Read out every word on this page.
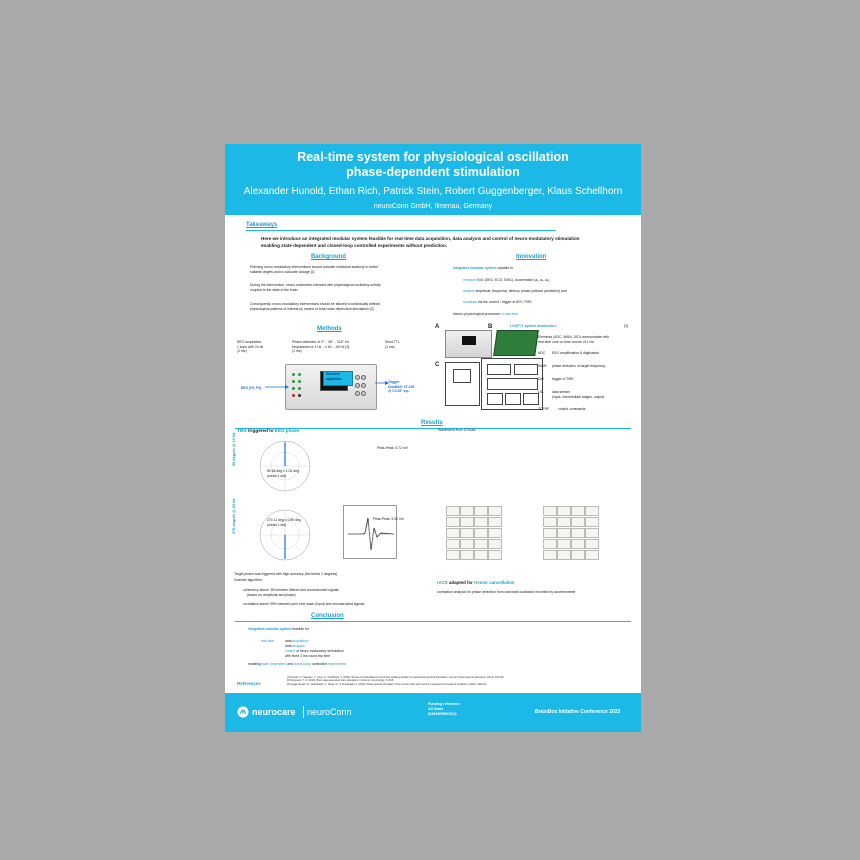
Real-time system for physiological oscillation
phase-dependent stimulation
Alexander Hunold, Ethan Rich, Patrick Stein, Robert Guggenberger, Klaus Schellhorn
neuroConn GmbH, Ilmenau, Germany
Takeaways
Here we introduce an integrated modular system feasible for real-time data acquisition, data analysis and control of neuro-modulatory stimulation
enabling state dependent and closed-loop controlled experiments without prediction.
Background
Planning neuro-modulatory interventions should consider individual anatomy to select
suitable targets and to calculate dosage [1]
During the intervention, neuro-modulation interacts with physiological oscillatory activity
coupled to the state of the brain
Consequently, neuro-modulatory interventions should be tailored to individually defined
physiological patterns of interest by means of brain state dependent stimulation [2].
Innovation
integrated modular system capable to
measure ExG (EEG, ECG, EMG), Acceleration (aₓ, aᵧ, aₔ)
analyze amplitude, frequency, latency, phase (without prediction) and
modulate via the control / trigger of tES / TMS
electro-physiological processes in real-time
Methods
EEG acquisition:
1 kops with 24 bit
(1 ms)
Phase detection of 0° .. 45° .. 315° for
frequencies of 4 Hz .. 4 Hz .. 40 Hz [3]
(1 ms)
Send TTL
(1 ms)
Goertzel
algorithm
EEG (F3, P3)
Trigger
DuoMAG XT-100
@ C3 45° a.p.
A	B
C
LOOP IT system architecture	[3]
Elements (ADC, MAIN, DIO) communicate with
real-time core on time course of 1 ms
ADC EEG amplification & digitization
MAIN phase detection of target frequency
DIO trigger of TMS
LSL data stream
(input, intermediate stages, output)
TCP/IP	control commands
Results
TMS triggered to EEG phase	Waveforms from 20 trials
90 degree @ 10 Hz
89.66 deg ± 1.02 deg
(mean ± std)
Peak-Peak: 5.72 mV
270 degree @ 20 Hz	270.11 deg ± 0.89 deg
(mean ± std)
Peak-Peak: 5.32 mV
Target phase was triggered with high accuracy (std below 2 degrees)
Goertzel algorithm:
coherency above .85 between filtered and reconstructed signals
(based on amplitude and phase)
correlation above 95% between pure sine wave (input) and reconstructed signals
tACS adapted for tremor cancellation
correlation analysis for phase detection from dominant oscillation recorded by accelerometer
Conclusion
integrated modular system feasible for
real-time	data acquisition
data analysis
control of neuro-modulatory stimulation
with fixed 3 ms round trip time
enabling state dependent and closed-loop controlled experiments
References
[1] Hunold, A., Haueisen, J., Nees, F., & Moliadze, V. (2023). Review of individualized current flow modeling studies for transcranial electrical stimulation. Journal of Neuroscience Research, 101(4), 405-423.
[2] Bergmann, T. O. (2018). Brain state-dependent brain stimulation. Frontiers in psychology, 9, 2108.
[3] Guggenberger, R., Gharabaghi, A., Neale, M., & Gharabaghi, A. (2023). Phase-specific stimulation of the human brain with real-time measurement instead of prediction. bioRxiv, 2023-04.
neurocare neuroConn
Funding reference:
AD Brain
(03349R0EK9C3)	BrainBox Initiative Conference 2023
